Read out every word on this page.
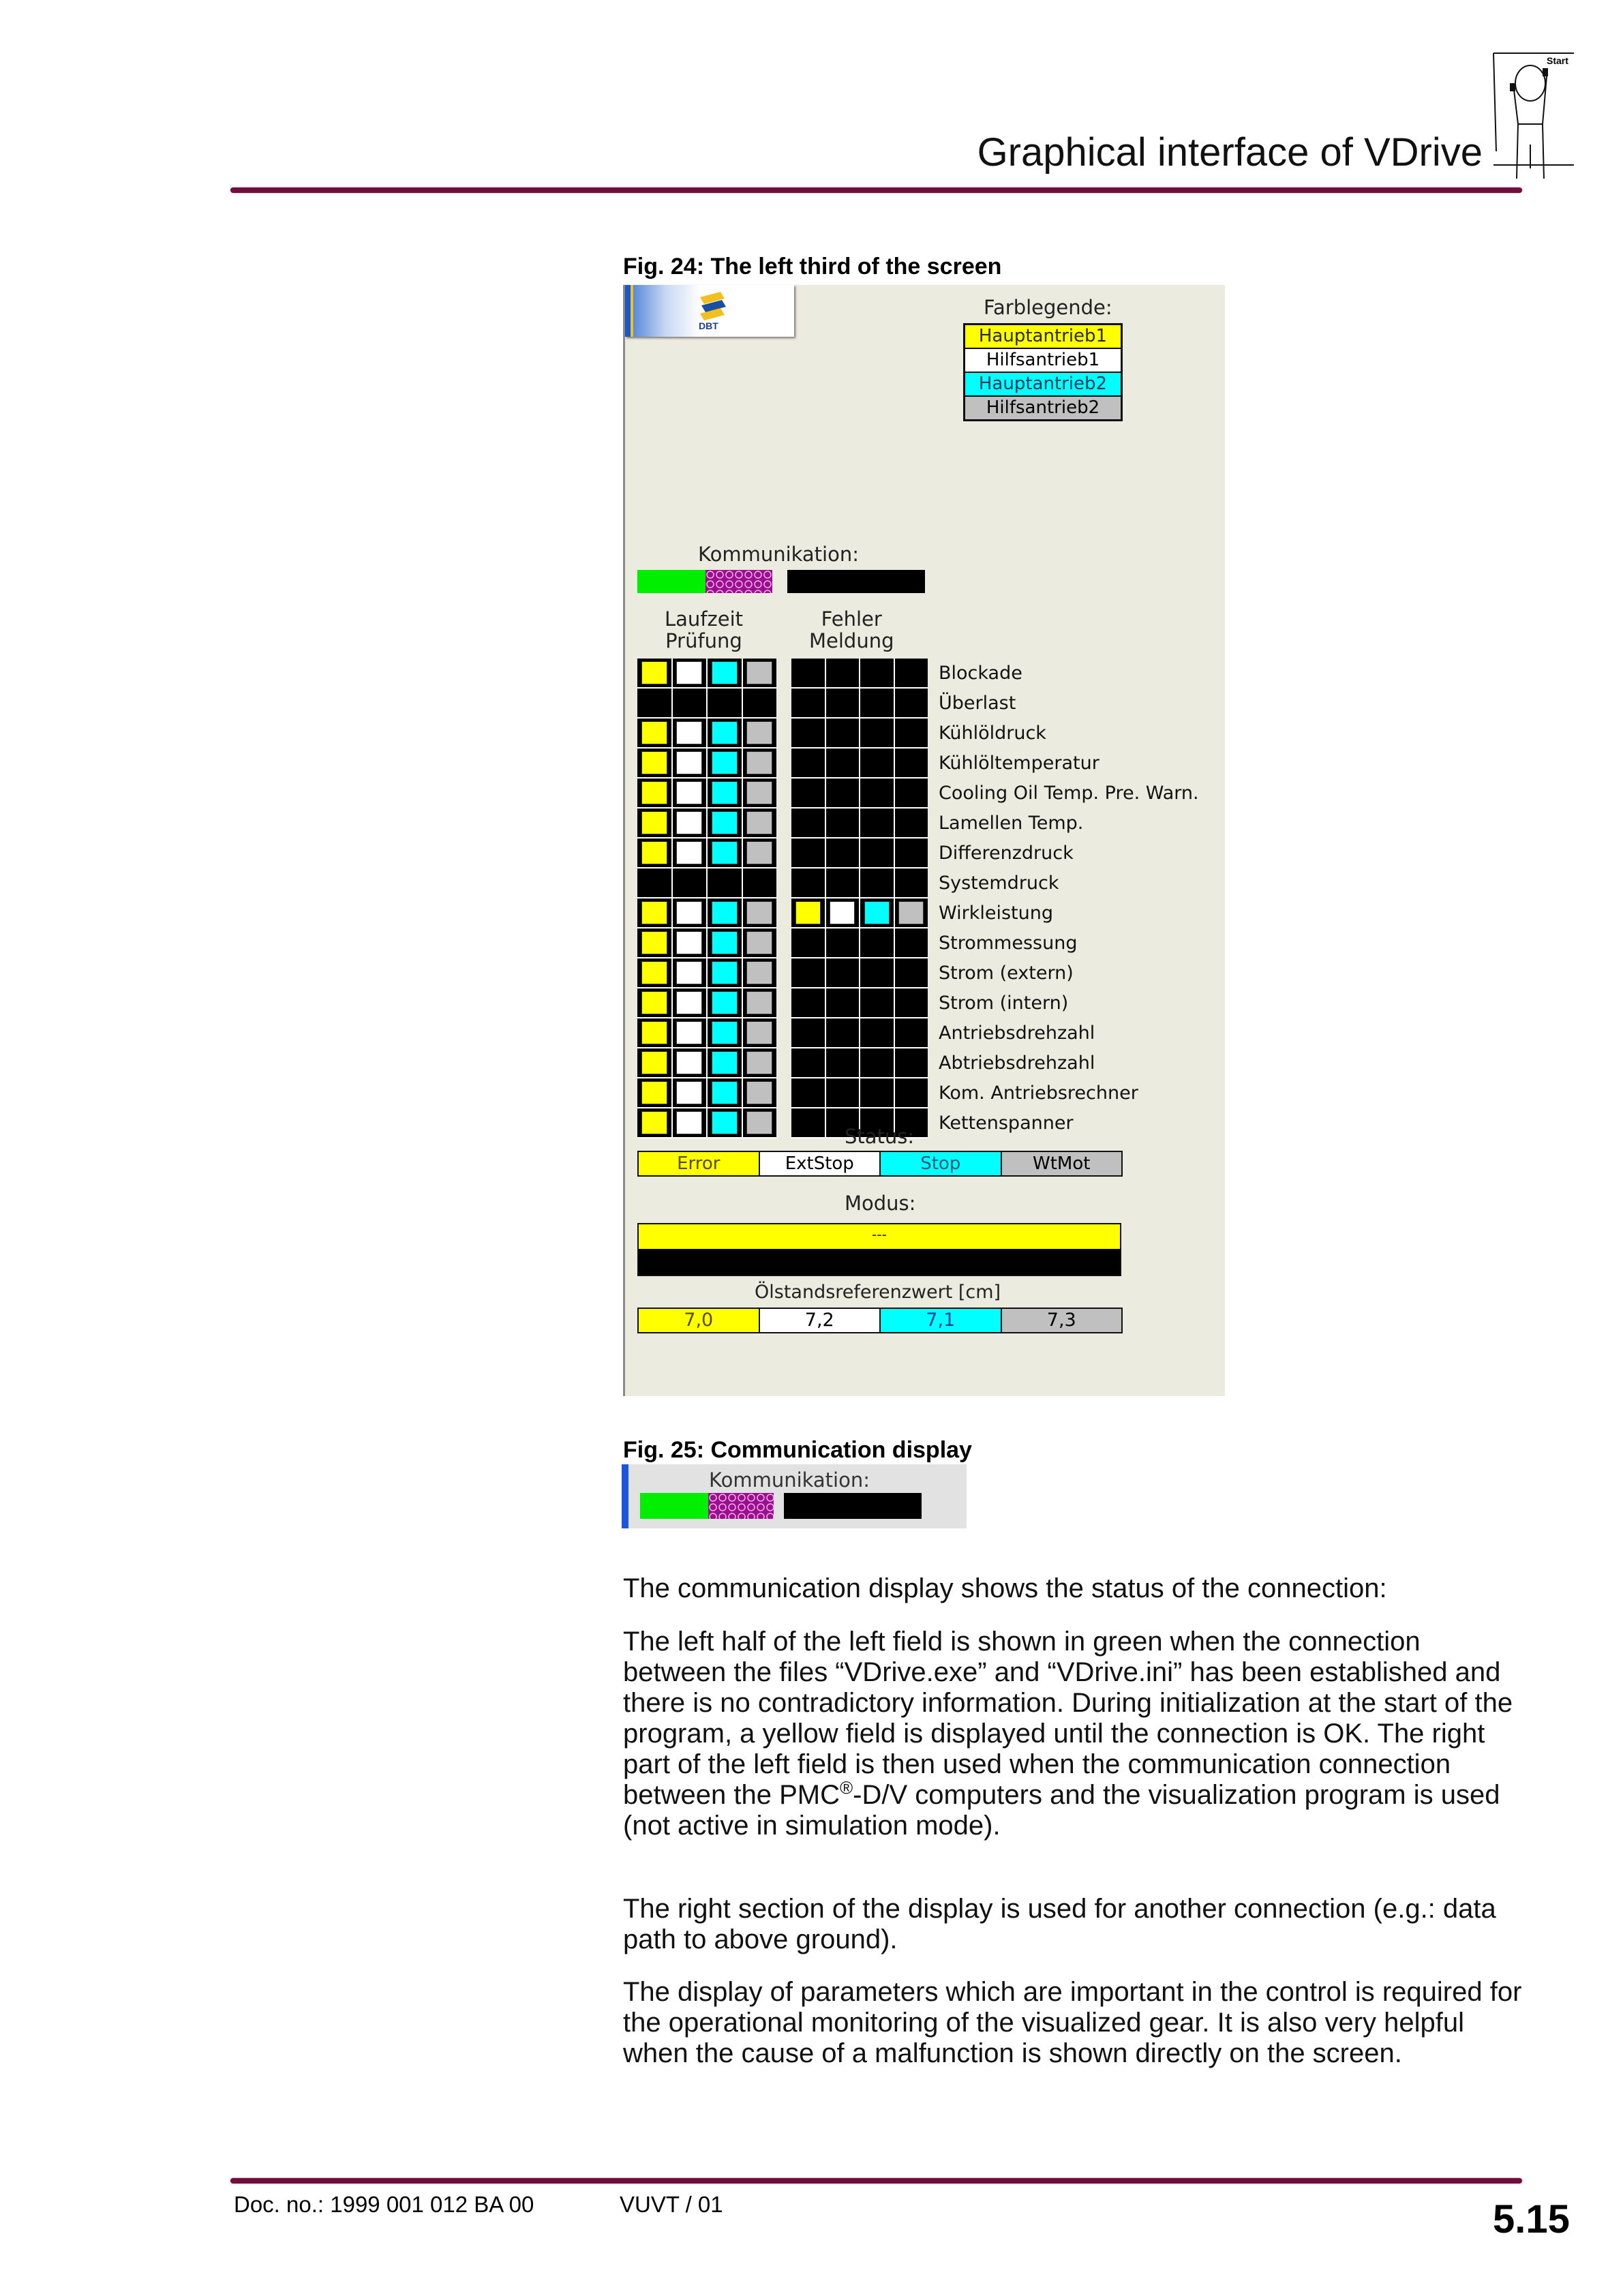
Graphical interface of VDrive
Start
Fig. 24: The left third of the screen
DBT
Farblegende:
Hauptantrieb1
Hilfsantrieb1
Hauptantrieb2
Hilfsantrieb2
Kommunikation:
Laufzeit
Prüfung
Fehler
Meldung
Blockade
Überlast
Kühlöldruck
Kühlöltemperatur
Cooling Oil Temp. Pre. Warn.
Lamellen Temp.
Differenzdruck
Systemdruck
Wirkleistung
Strommessung
Strom (extern)
Strom (intern)
Antriebsdrehzahl
Abtriebsdrehzahl
Kom. Antriebsrechner
Kettenspanner
Status:
Error	ExtStop	Stop	WtMot
Modus:
---
Ölstandsreferenzwert [cm]
7,0	7,2	7,1	7,3
Fig. 25: Communication display
Kommunikation:

The communication display shows the status of the connection:

The left half of the left field is shown in green when the connection between the files “VDrive.exe” and “VDrive.ini” has been established and there is no contradictory information. During initialization at the start of the program, a yellow field is displayed until the connection is OK. The right part of the left field is then used when the communication connection between the PMC®-D/V computers and the visualization program is used (not active in simulation mode).

The right section of the display is used for another connection (e.g.: data path to above ground).

The display of parameters which are important in the control is required for the operational monitoring of the visualized gear. It is also very helpful when the cause of a malfunction is shown directly on the screen.

Doc. no.: 1999 001 012 BA 00	VUVT / 01	5.15
